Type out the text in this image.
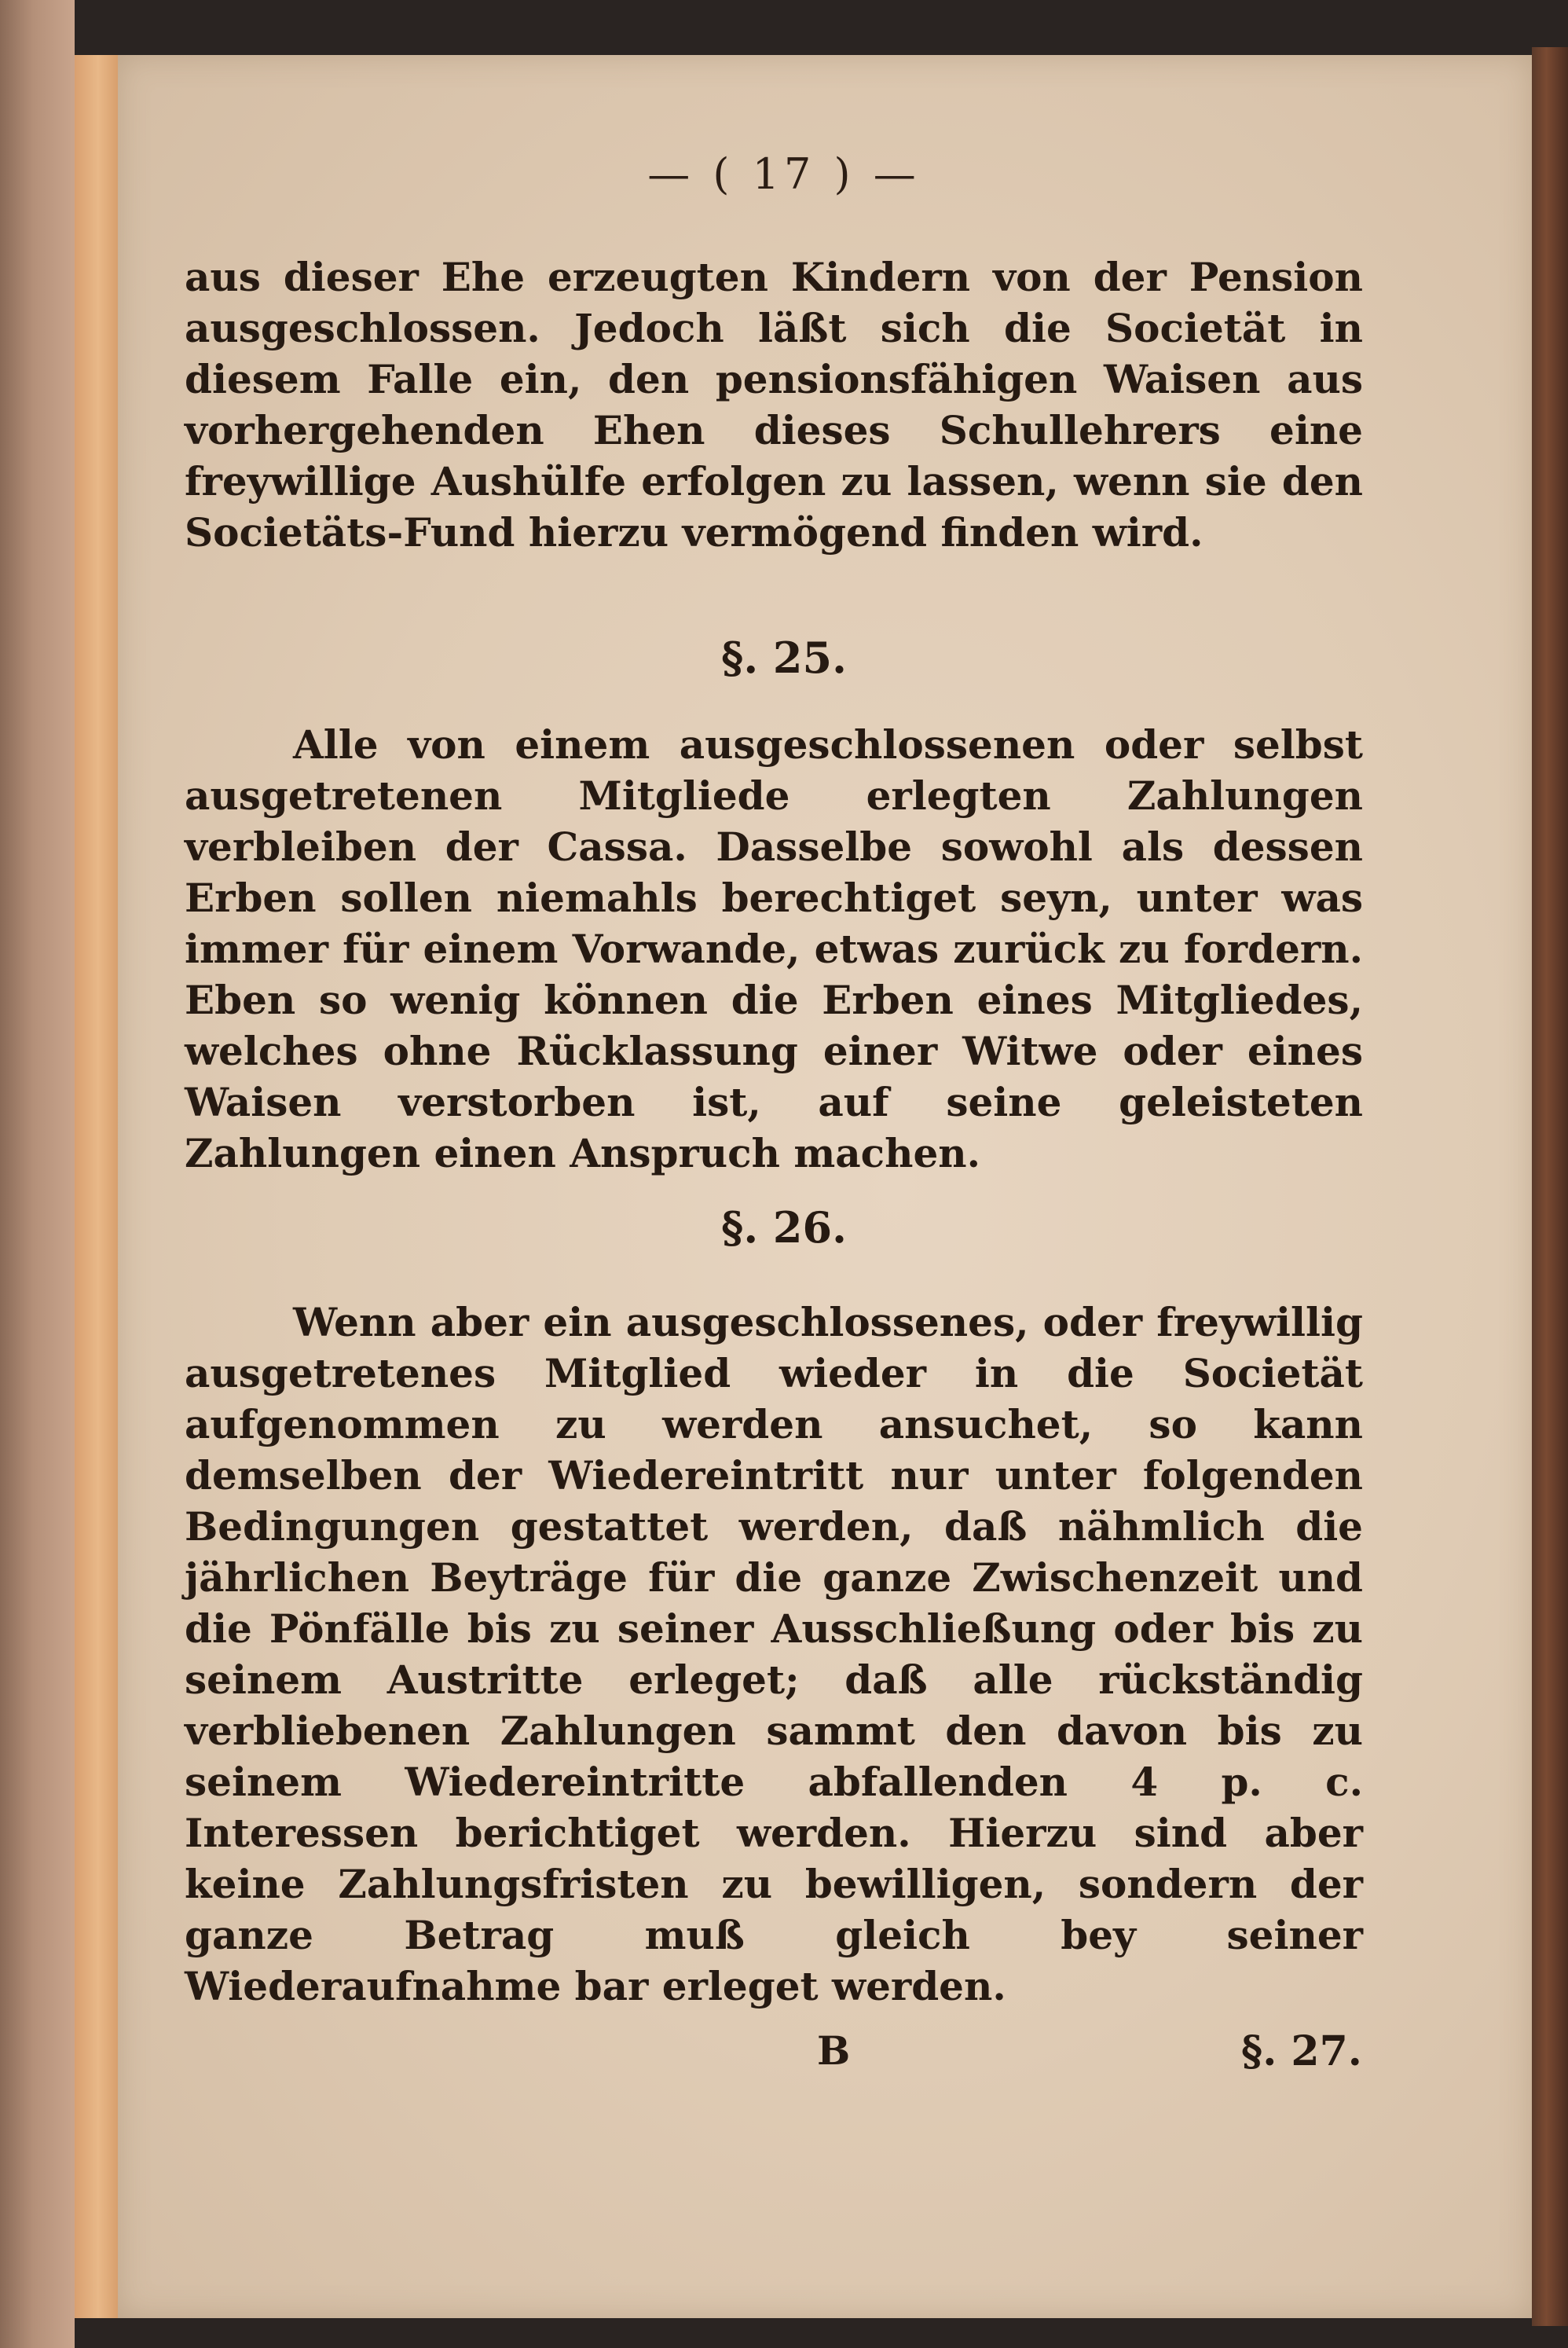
— ( 17 ) —

aus dieser Ehe erzeugten Kindern von der Pension ausgeschlossen. Jedoch läßt sich die Societät in diesem Falle ein, den pensionsfähigen Waisen aus vorhergehenden Ehen dieses Schullehrers eine freywillige Aushülfe erfolgen zu lassen, wenn sie den Societäts-Fund hierzu vermögend finden wird.

§. 25.

Alle von einem ausgeschlossenen oder selbst ausgetretenen Mitgliede erlegten Zahlungen verbleiben der Cassa. Dasselbe sowohl als dessen Erben sollen niemahls berechtiget seyn, unter was immer für einem Vorwande, etwas zurück zu fordern. Eben so wenig können die Erben eines Mitgliedes, welches ohne Rücklassung einer Witwe oder eines Waisen verstorben ist, auf seine geleisteten Zahlungen einen Anspruch machen.

§. 26.

Wenn aber ein ausgeschlossenes, oder freywillig ausgetretenes Mitglied wieder in die Societät aufgenommen zu werden ansuchet, so kann demselben der Wiedereintritt nur unter folgenden Bedingungen gestattet werden, daß nähmlich die jährlichen Beyträge für die ganze Zwischenzeit und die Pönfälle bis zu seiner Ausschließung oder bis zu seinem Austritte erleget; daß alle rückständig verbliebenen Zahlungen sammt den davon bis zu seinem Wiedereintritte abfallenden 4 p. c. Interessen berichtiget werden. Hierzu sind aber keine Zahlungsfristen zu bewilligen, sondern der ganze Betrag muß gleich bey seiner Wiederaufnahme bar erleget werden.

B	§. 27.
